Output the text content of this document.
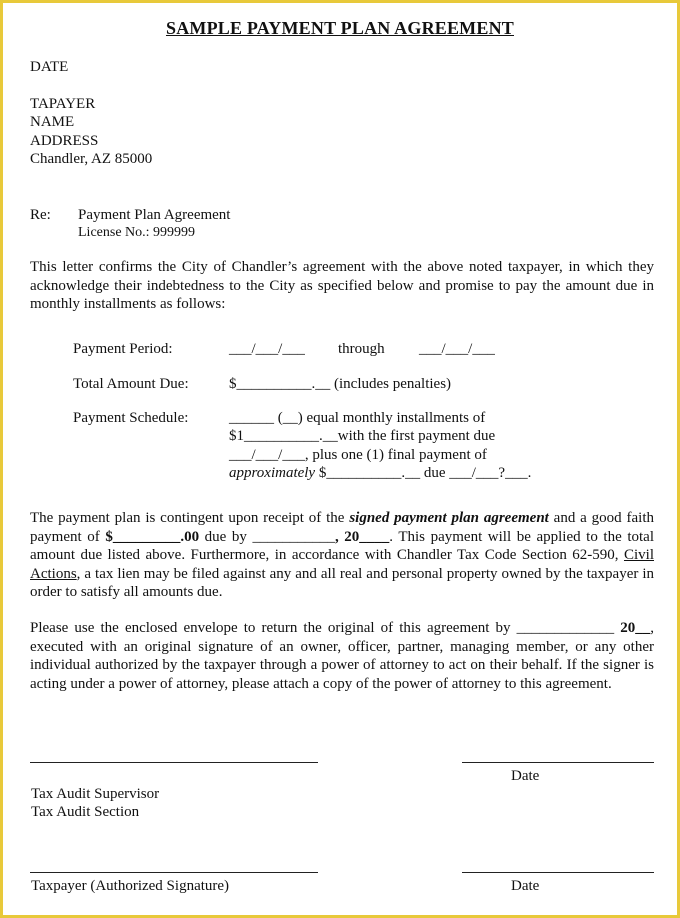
SAMPLE PAYMENT PLAN AGREEMENT
DATE
TAPAYER
NAME
ADDRESS
Chandler, AZ 85000
Re: Payment Plan Agreement
License No.: 999999
This letter confirms the City of Chandler’s agreement with the above noted taxpayer, in which they acknowledge their indebtedness to the City as specified below and promise to pay the amount due in monthly installments as follows:
Payment Period:	___/___/___ through ___/___/___
Total Amount Due:	$__________.__ (includes penalties)
Payment Schedule:	______ (__) equal monthly installments of
$1__________.__with the first payment due
___/___/___, plus one (1) final payment of
approximately $__________.__ due ___/___?___.
The payment plan is contingent upon receipt of the signed payment plan agreement and a good faith payment of $_________.00 due by ___________, 20____. This payment will be applied to the total amount due listed above. Furthermore, in accordance with Chandler Tax Code Section 62-590, Civil Actions, a tax lien may be filed against any and all real and personal property owned by the taxpayer in order to satisfy all amounts due.
Please use the enclosed envelope to return the original of this agreement by _____________ 20__, executed with an original signature of an owner, officer, partner, managing member, or any other individual authorized by the taxpayer through a power of attorney to act on their behalf. If the signer is acting under a power of attorney, please attach a copy of the power of attorney to this agreement.
Date
Tax Audit Supervisor
Tax Audit Section
Taxpayer (Authorized Signature)	Date
